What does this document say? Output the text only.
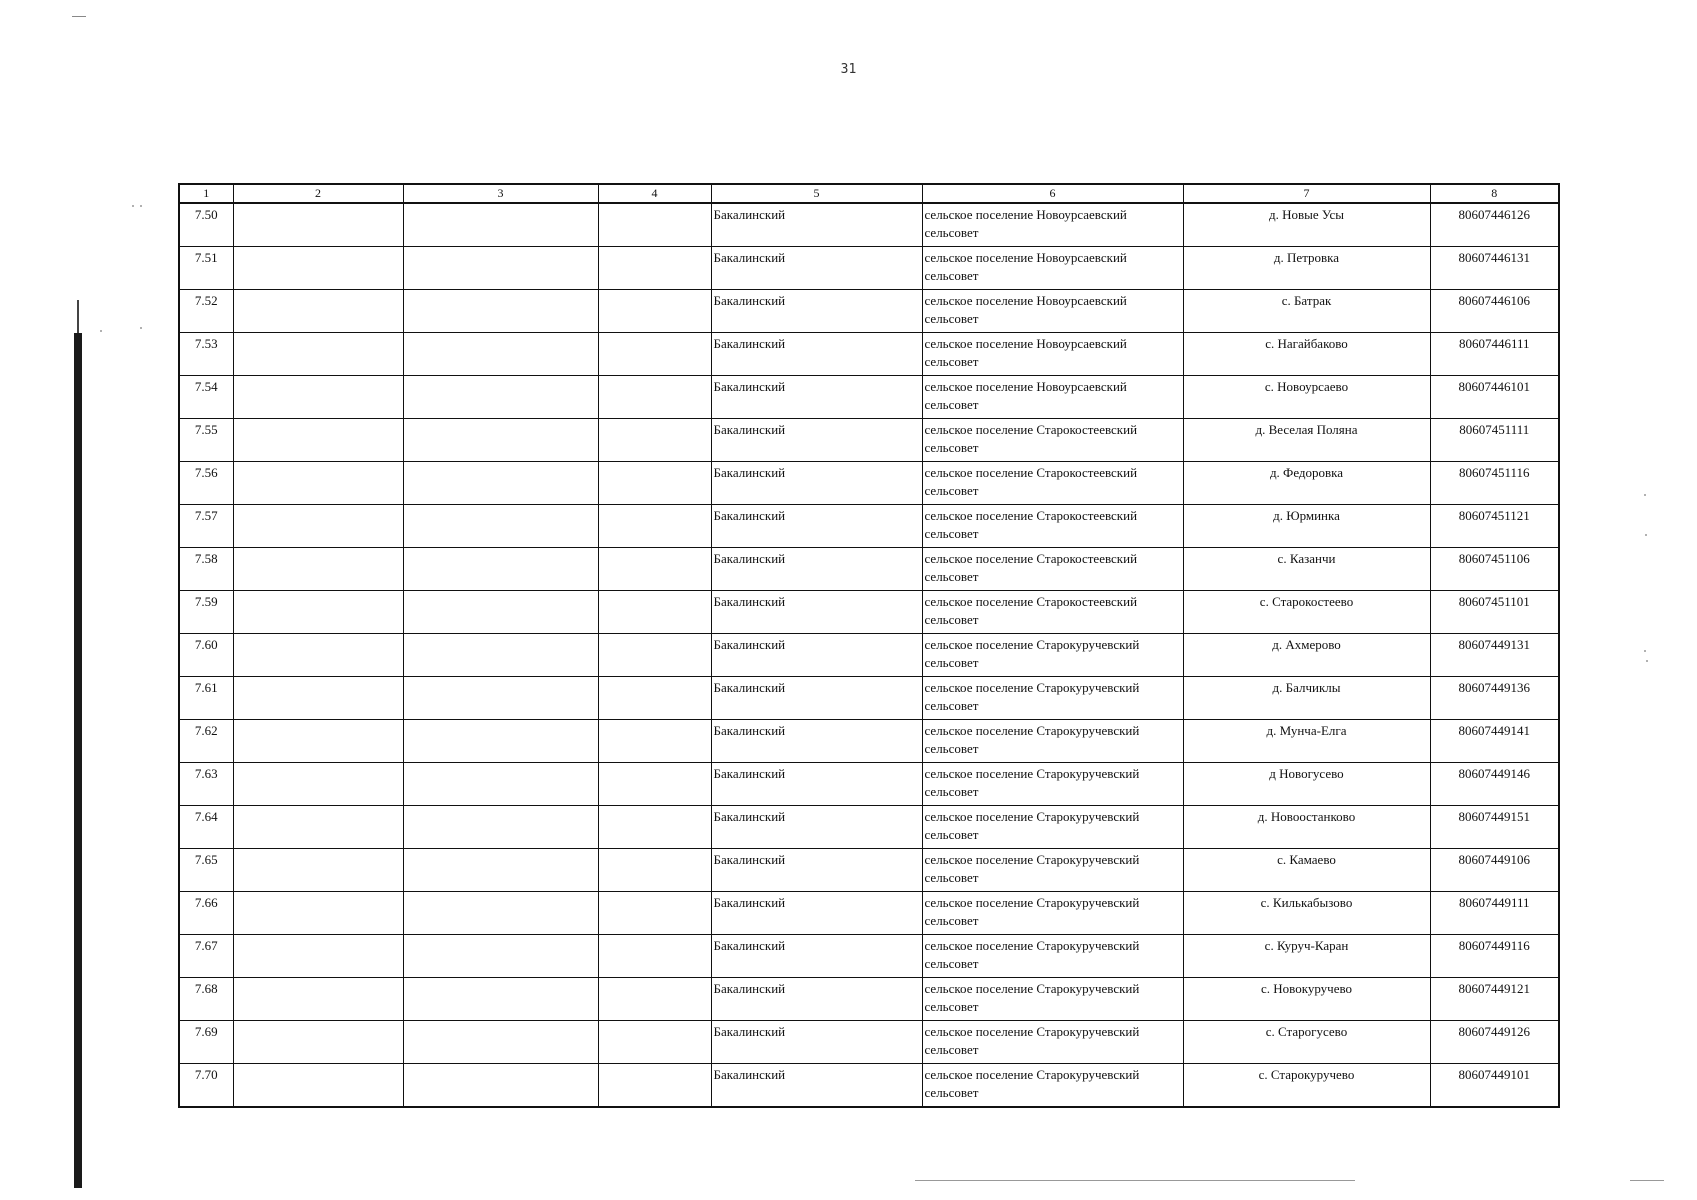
31
1	2	3	4	5	6	7	8
7.50				Бакалинский	сельское поселение Новоурсаевский сельсовет	д. Новые Усы	80607446126
7.51				Бакалинский	сельское поселение Новоурсаевский сельсовет	д. Петровка	80607446131
7.52				Бакалинский	сельское поселение Новоурсаевский сельсовет	с. Батрак	80607446106
7.53				Бакалинский	сельское поселение Новоурсаевский сельсовет	с. Нагайбаково	80607446111
7.54				Бакалинский	сельское поселение Новоурсаевский сельсовет	с. Новоурсаево	80607446101
7.55				Бакалинский	сельское поселение Старокостеевский сельсовет	д. Веселая Поляна	80607451111
7.56				Бакалинский	сельское поселение Старокостеевский сельсовет	д. Федоровка	80607451116
7.57				Бакалинский	сельское поселение Старокостеевский сельсовет	д. Юрминка	80607451121
7.58				Бакалинский	сельское поселение Старокостеевский сельсовет	с. Казанчи	80607451106
7.59				Бакалинский	сельское поселение Старокостеевский сельсовет	с. Старокостеево	80607451101
7.60				Бакалинский	сельское поселение Старокуручевский сельсовет	д. Ахмерово	80607449131
7.61				Бакалинский	сельское поселение Старокуручевский сельсовет	д. Балчиклы	80607449136
7.62				Бакалинский	сельское поселение Старокуручевский сельсовет	д. Мунча-Елга	80607449141
7.63				Бакалинский	сельское поселение Старокуручевский сельсовет	д Новогусево	80607449146
7.64				Бакалинский	сельское поселение Старокуручевский сельсовет	д. Новоостанково	80607449151
7.65				Бакалинский	сельское поселение Старокуручевский сельсовет	с. Камаево	80607449106
7.66				Бакалинский	сельское поселение Старокуручевский сельсовет	с. Килькабызово	80607449111
7.67				Бакалинский	сельское поселение Старокуручевский сельсовет	с. Куруч-Каран	80607449116
7.68				Бакалинский	сельское поселение Старокуручевский сельсовет	с. Новокуручево	80607449121
7.69				Бакалинский	сельское поселение Старокуручевский сельсовет	с. Старогусево	80607449126
7.70				Бакалинский	сельское поселение Старокуручевский сельсовет	с. Старокуручево	80607449101
